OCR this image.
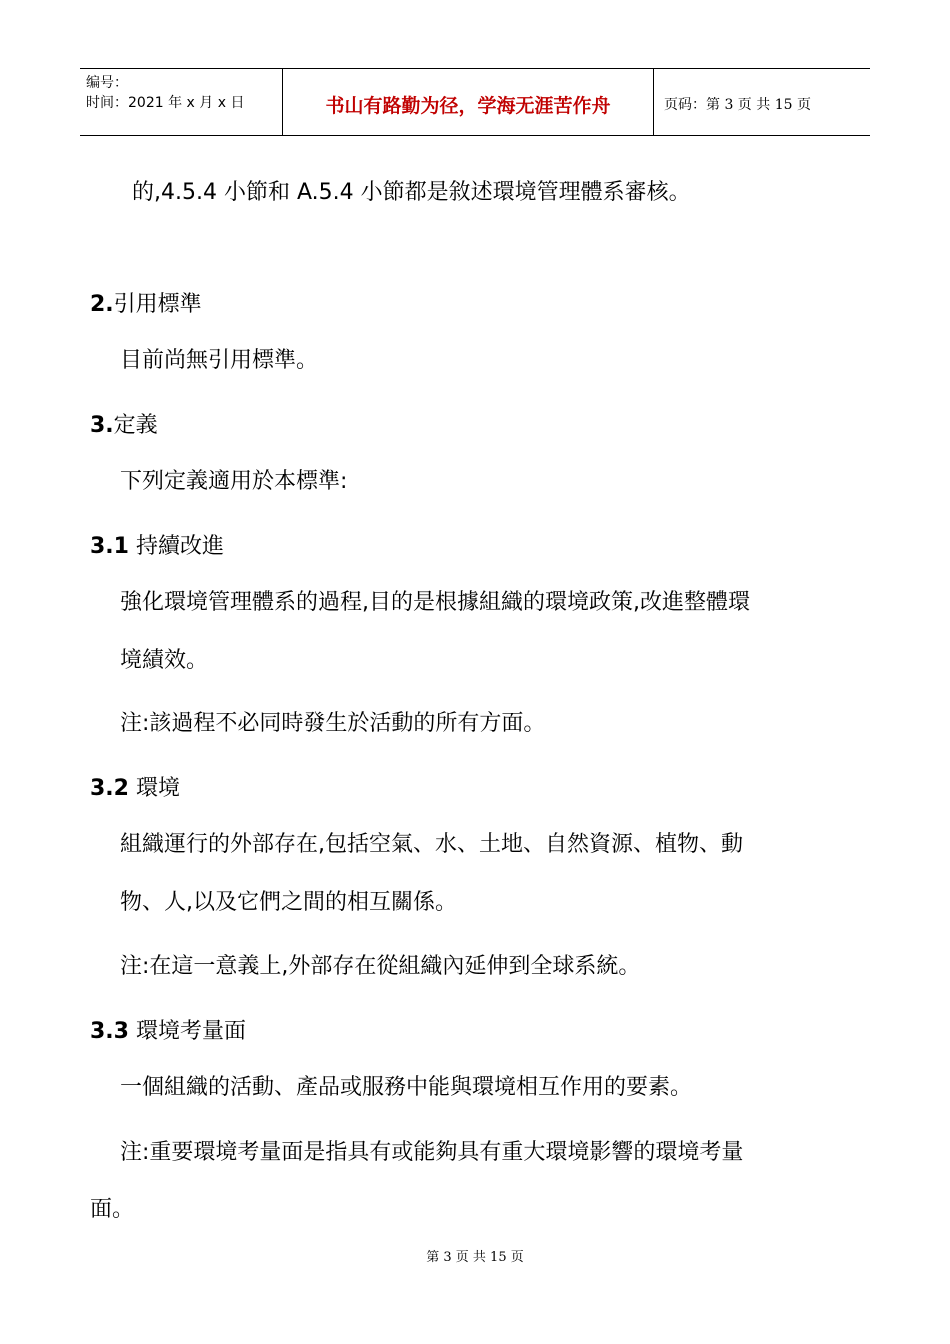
编号：
时间：2021 年 x 月 x 日	书山有路勤为径，学海无涯苦作舟	页码：第 3 页 共 15 页
的,4.5.4 小節和 A.5.4 小節都是敘述環境管理體系審核。
2.引用標準
目前尚無引用標準。
3.定義
下列定義適用於本標準:
3.1 持續改進
強化環境管理體系的過程,目的是根據組織的環境政策,改進整體環
境績效。
注:該過程不必同時發生於活動的所有方面。
3.2 環境
組織運行的外部存在,包括空氣、水、土地、自然資源、植物、動
物、人,以及它們之間的相互關係。
注:在這一意義上,外部存在從組織內延伸到全球系統。
3.3 環境考量面
一個組織的活動、產品或服務中能與環境相互作用的要素。
注:重要環境考量面是指具有或能夠具有重大環境影響的環境考量
面。
第 3 页 共 15 页
